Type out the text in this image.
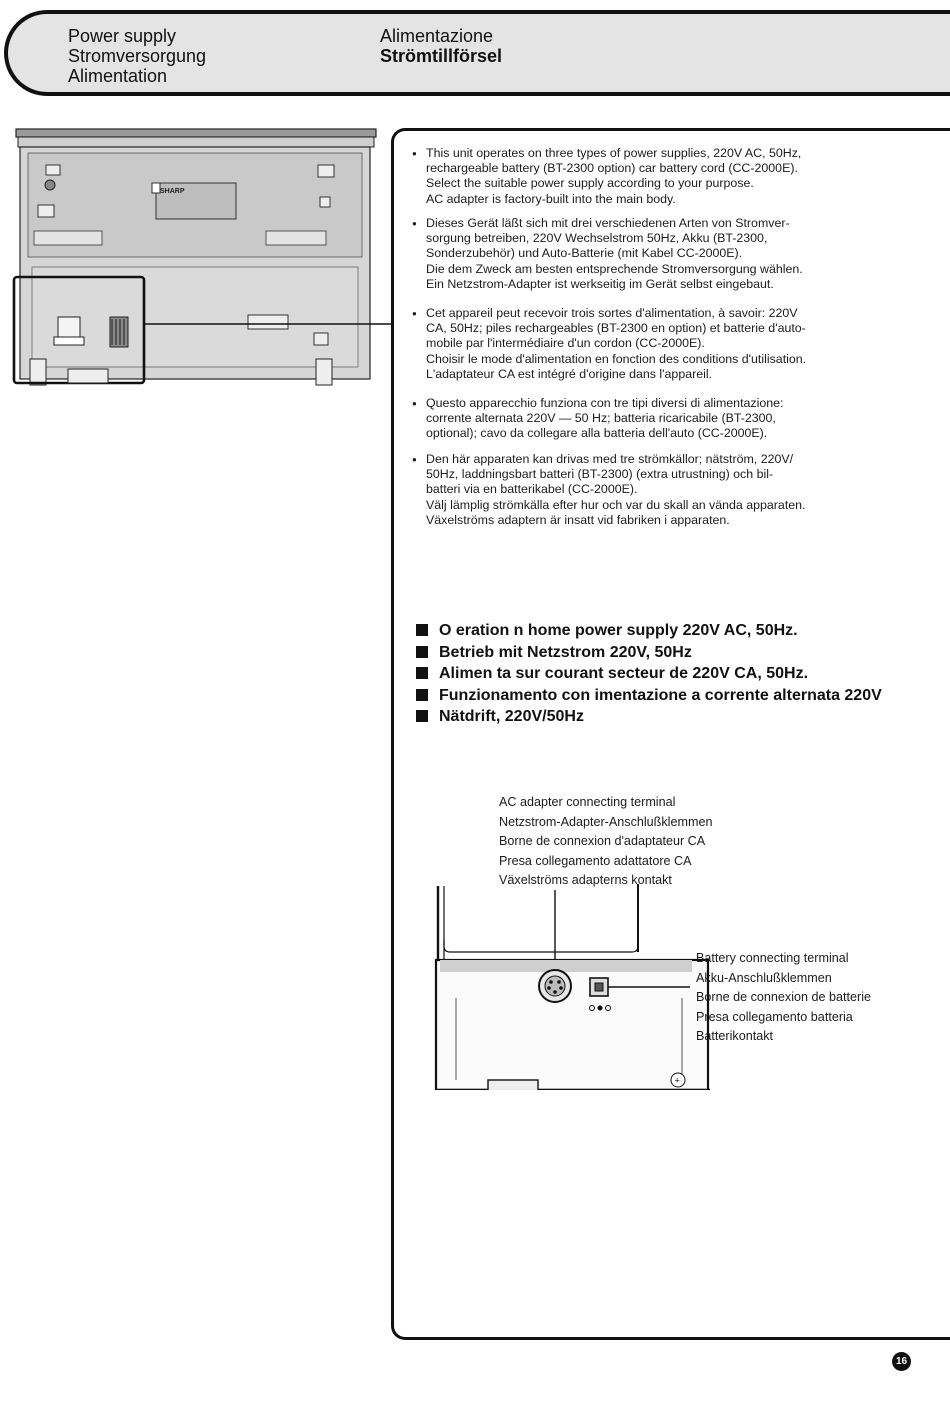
Power supply
Stromversorgung
Alimentation
Alimentazione
Strömtillförsel
SHARP
● This unit operates on three types of power supplies, 220V AC, 50Hz,
rechargeable battery (BT-2300 option) car battery cord (CC-2000E).
Select the suitable power supply according to your purpose.
AC adapter is factory-built into the main body.
● Dieses Gerät läßt sich mit drei verschiedenen Arten von Stromver-
sorgung betreiben, 220V Wechselstrom 50Hz, Akku (BT-2300,
Sonderzubehör) und Auto-Batterie (mit Kabel CC-2000E).
Die dem Zweck am besten entsprechende Stromversorgung wählen.
Ein Netzstrom-Adapter ist werkseitig im Gerät selbst eingebaut.
● Cet appareil peut recevoir trois sortes d'alimentation, à savoir: 220V
CA, 50Hz; piles rechargeables (BT-2300 en option) et batterie d'auto-
mobile par l'intermédiaire d'un cordon (CC-2000E).
Choisir le mode d'alimentation en fonction des conditions d'utilisation.
L'adaptateur CA est intégré d'origine dans l'appareil.
● Questo apparecchio funziona con tre tipi diversi di alimentazione:
corrente alternata 220V — 50 Hz; batteria ricaricabile (BT-2300,
optional); cavo da collegare alla batteria dell'auto (CC-2000E).
● Den här apparaten kan drivas med tre strömkällor; nätström, 220V/
50Hz, laddningsbart batteri (BT-2300) (extra utrustning) och bil-
batteri via en batterikabel (CC-2000E).
Välj lämplig strömkälla efter hur och var du skall an vända apparaten.
Växelströms adaptern är insatt vid fabriken i apparaten.
O eration n home power supply 220V AC, 50Hz.
Betrieb mit Netzstrom 220V, 50Hz
Alimen ta sur courant secteur de 220V CA, 50Hz.
Funzionamento con imentazione a corrente alternata 220V
Nätdrift, 220V/50Hz
AC adapter connecting terminal
Netzstrom-Adapter-Anschlußklemmen
Borne de connexion d'adaptateur CA
Presa collegamento adattatore CA
Växelströms adapterns kontakt
+
Battery connecting terminal
Akku-Anschlußklemmen
Borne de connexion de batterie
Presa collegamento batteria
Batterikontakt
16
